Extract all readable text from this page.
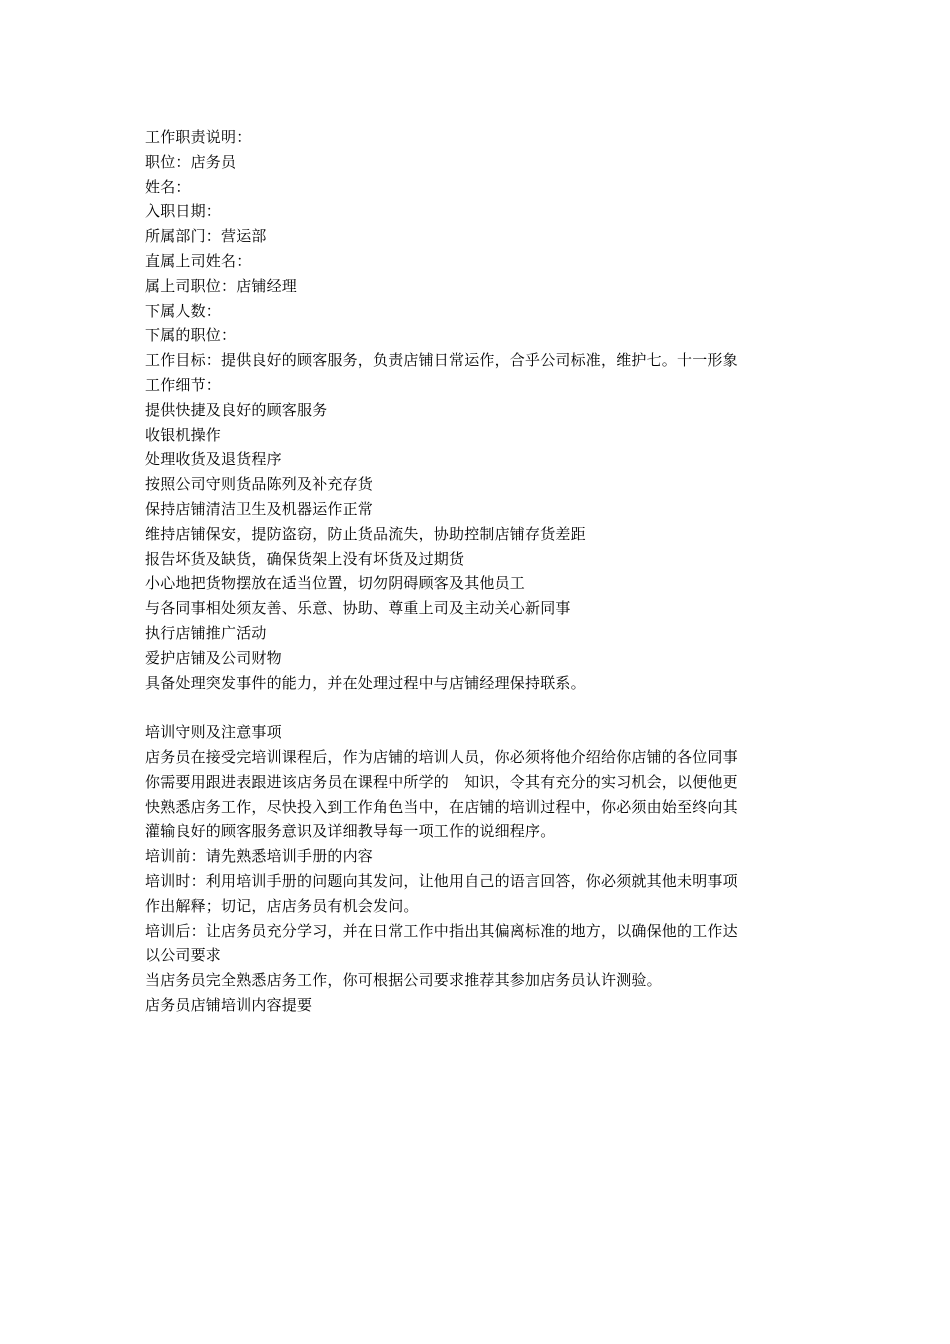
工作职责说明：
职位：店务员
姓名：
入职日期：
所属部门：营运部
直属上司姓名：
属上司职位：店铺经理
下属人数：
下属的职位：
工作目标：提供良好的顾客服务，负责店铺日常运作，合乎公司标准，维护七。十一形象
工作细节：
提供快捷及良好的顾客服务
收银机操作
处理收货及退货程序
按照公司守则货品陈列及补充存货
保持店铺清洁卫生及机器运作正常
维持店铺保安，提防盗窃，防止货品流失，协助控制店铺存货差距
报告坏货及缺货，确保货架上没有坏货及过期货
小心地把货物摆放在适当位置，切勿阴碍顾客及其他员工
与各同事相处须友善、乐意、协助、尊重上司及主动关心新同事
执行店铺推广活动
爱护店铺及公司财物
具备处理突发事件的能力，并在处理过程中与店铺经理保持联系。
培训守则及注意事项
店务员在接受完培训课程后，作为店铺的培训人员，你必须将他介绍给你店铺的各位同事
你需要用跟进表跟进该店务员在课程中所学的　知识，令其有充分的实习机会，以便他更
快熟悉店务工作，尽快投入到工作角色当中，在店铺的培训过程中，你必须由始至终向其
灌输良好的顾客服务意识及详细教导每一项工作的说细程序。
培训前：请先熟悉培训手册的内容
培训时：利用培训手册的问题向其发问，让他用自己的语言回答，你必须就其他未明事项
作出解释；切记，店店务员有机会发问。
培训后：让店务员充分学习，并在日常工作中指出其偏离标准的地方，以确保他的工作达
以公司要求
当店务员完全熟悉店务工作，你可根据公司要求推荐其参加店务员认许测验。
店务员店铺培训内容提要
